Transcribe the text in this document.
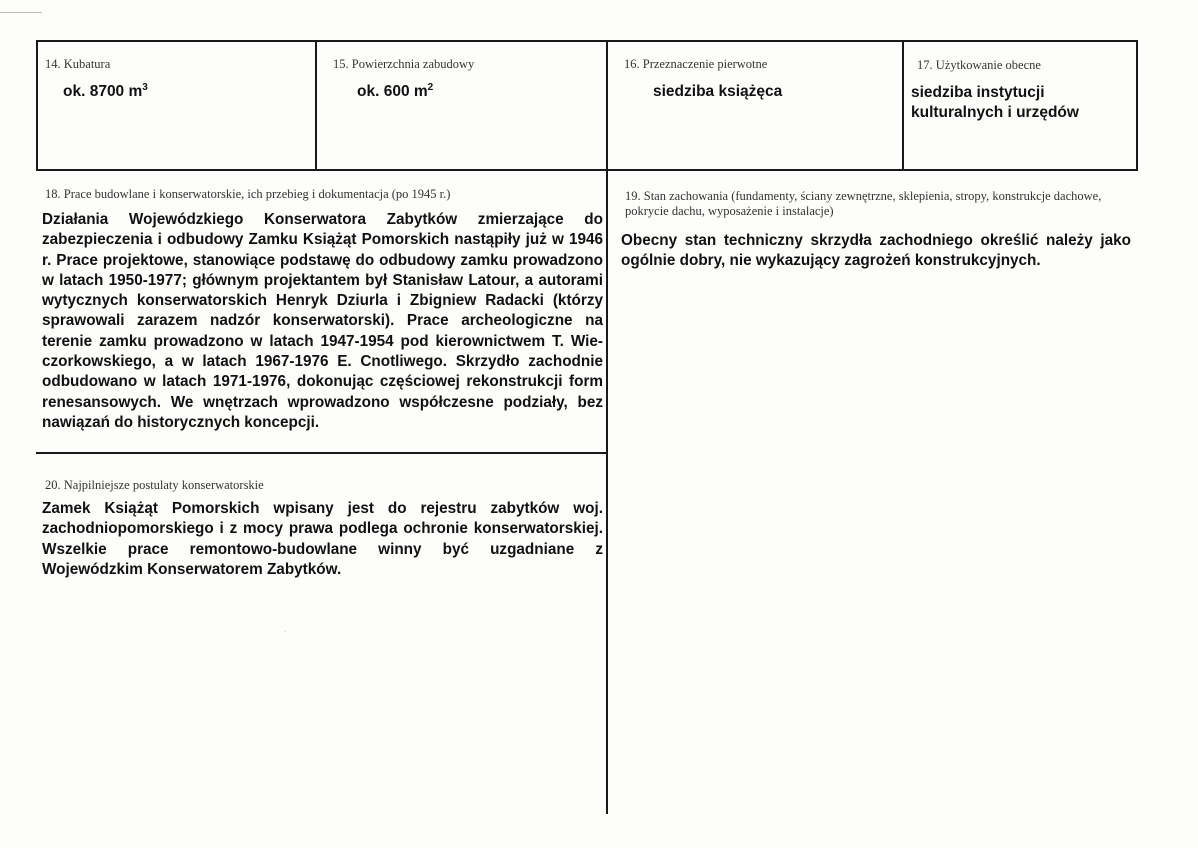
14. Kubatura
ok. 8700 $m^3$
15. Powierzchnia zabudowy
ok. 600 $m^2$
16. Przeznaczenie pierwotne
siedziba książęca
17. Użytkowanie obecne
siedziba instytucji
kulturalnych i urzędów
18. Prace budowlane i konserwatorskie, ich przebieg i dokumentacja (po 1945 r.)
Działania Wojewódzkiego Konserwatora Zabytków zmierzające do zabezpieczenia i odbudowy Zamku Książąt Pomorskich nastąpiły już w 1946 r. Prace projektowe, stanowiące podstawę do odbudowy zamku prowadzono w latach 1950-1977; głównym projektantem był Stanisław Latour, a autorami wytycznych konserwatorskich Henryk Dziurla i Zbigniew Radacki (którzy sprawowali zarazem nadzór konserwatorski). Prace archeologiczne na terenie zamku prowadzono w latach 1947-1954 pod kierownictwem T. Wieczorkowskiego, a w latach 1967-1976 E. Cnotliwego. Skrzydło zachodnie odbudowano w latach 1971-1976, dokonując częściowej rekonstrukcji form renesansowych. We wnętrzach wprowadzono współczesne podziały, bez nawiązań do historycznych koncepcji.
19. Stan zachowania (fundamenty, ściany zewnętrzne, sklepienia, stropy, konstrukcje dachowe, pokrycie dachu, wyposażenie i instalacje)
Obecny stan techniczny skrzydła zachodniego określić należy jako ogólnie dobry, nie wykazujący zagrożeń konstrukcyjnych.
20. Najpilniejsze postulaty konserwatorskie
Zamek Książąt Pomorskich wpisany jest do rejestru zabytków woj. zachodniopomorskiego i z mocy prawa podlega ochronie konserwatorskiej. Wszelkie prace remontowo-budowlane winny być uzgadniane z Wojewódzkim Konserwatorem Zabytków.
·
